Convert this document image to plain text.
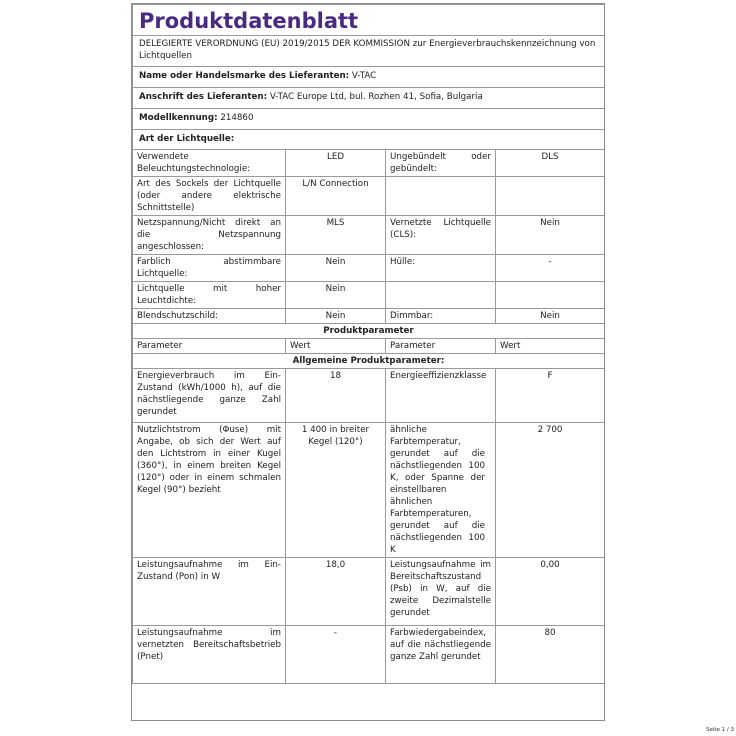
Produktdatenblatt			
DELEGIERTE VERORDNUNG (EU) 2019/2015 DER KOMMISSION zur Energieverbrauchskennzeichnung von Lichtquellen			
Name oder Handelsmarke des Lieferanten: V-TAC			
Anschrift des Lieferanten: V-TAC Europe Ltd, bul. Rozhen 41, Sofia, Bulgaria			
Modellkennung: 214860			
Art der Lichtquelle:			
Verwendete Beleuchtungstechnologie:	LED	Ungebündelt oder gebündelt:	DLS
Art des Sockels der Lichtquelle (oder andere elektrische Schnittstelle)	L/N Connection		
Netzspannung/Nicht direkt an die Netzspannung angeschlossen:	MLS	Vernetzte Lichtquelle (CLS):	Nein
Farblich abstimmbare Lichtquelle:	Nein	Hülle:	-
Lichtquelle mit hoher Leuchtdichte:	Nein		
Blendschutzschild:	Nein	Dimmbar:	Nein
Produktparameter			
Parameter	Wert	Parameter	Wert
Allgemeine Produktparameter:			
Energieverbrauch im Ein-Zustand (kWh/1000 h), auf die nächstliegende ganze Zahl gerundet	18	Energieeffizienzklasse	F
Nutzlichtstrom (Φuse) mit Angabe, ob sich der Wert auf den Lichtstrom in einer Kugel (360°), in einem breiten Kegel (120°) oder in einem schmalen Kegel (90°) bezieht	1 400 in breiter Kegel (120°)	ähnliche Farbtemperatur, gerundet auf die nächstliegenden 100 K, oder Spanne der einstellbaren ähnlichen Farbtemperaturen, gerundet auf die nächstliegenden 100 K	2 700
Leistungsaufnahme im Ein-Zustand (Pon) in W	18,0	Leistungsaufnahme im Bereitschaftszustand (Psb) in W, auf die zweite Dezimalstelle gerundet	0,00
Leistungsaufnahme im vernetzten Bereitschaftsbetrieb (Pnet)	-	Farbwiedergabeindex, auf die nächstliegende ganze Zahl gerundet	80
Seite 1 / 3
